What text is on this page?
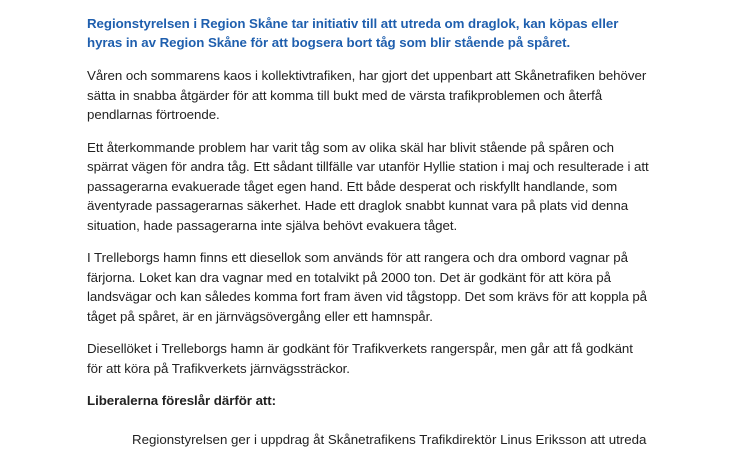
Regionstyrelsen i Region Skåne tar initiativ till att utreda om draglok, kan köpas eller
hyras in av Region Skåne för att bogsera bort tåg som blir stående på spåret.
Våren och sommarens kaos i kollektivtrafiken, har gjort det uppenbart att Skånetrafiken behöver
sätta in snabba åtgärder för att komma till bukt med de värsta trafikproblemen och återfå
pendlarnas förtroende.
Ett återkommande problem har varit tåg som av olika skäl har blivit stående på spåren och
spärrat vägen för andra tåg. Ett sådant tillfälle var utanför Hyllie station i maj och resulterade i att
passagerarna evakuerade tåget egen hand. Ett både desperat och riskfyllt handlande, som
äventyrade passagerarnas säkerhet. Hade ett draglok snabbt kunnat vara på plats vid denna
situation, hade passagerarna inte själva behövt evakuera tåget.
I Trelleborgs hamn finns ett diesellok som används för att rangera och dra ombord vagnar på
färjorna. Loket kan dra vagnar med en totalvikt på 2000 ton. Det är godkänt för att köra på
landsvägar och kan således komma fort fram även vid tågstopp. Det som krävs för att koppla på
tåget på spåret, är en järnvägsövergång eller ett hamnspår.
Diesellöket i Trelleborgs hamn är godkänt för Trafikverkets rangerspår, men går att få godkänt
för att köra på Trafikverkets järnvägssträckor.
Liberalerna föreslår därför att:
Regionstyrelsen ger i uppdrag åt Skånetrafikens Trafikdirektör Linus Eriksson att utreda
